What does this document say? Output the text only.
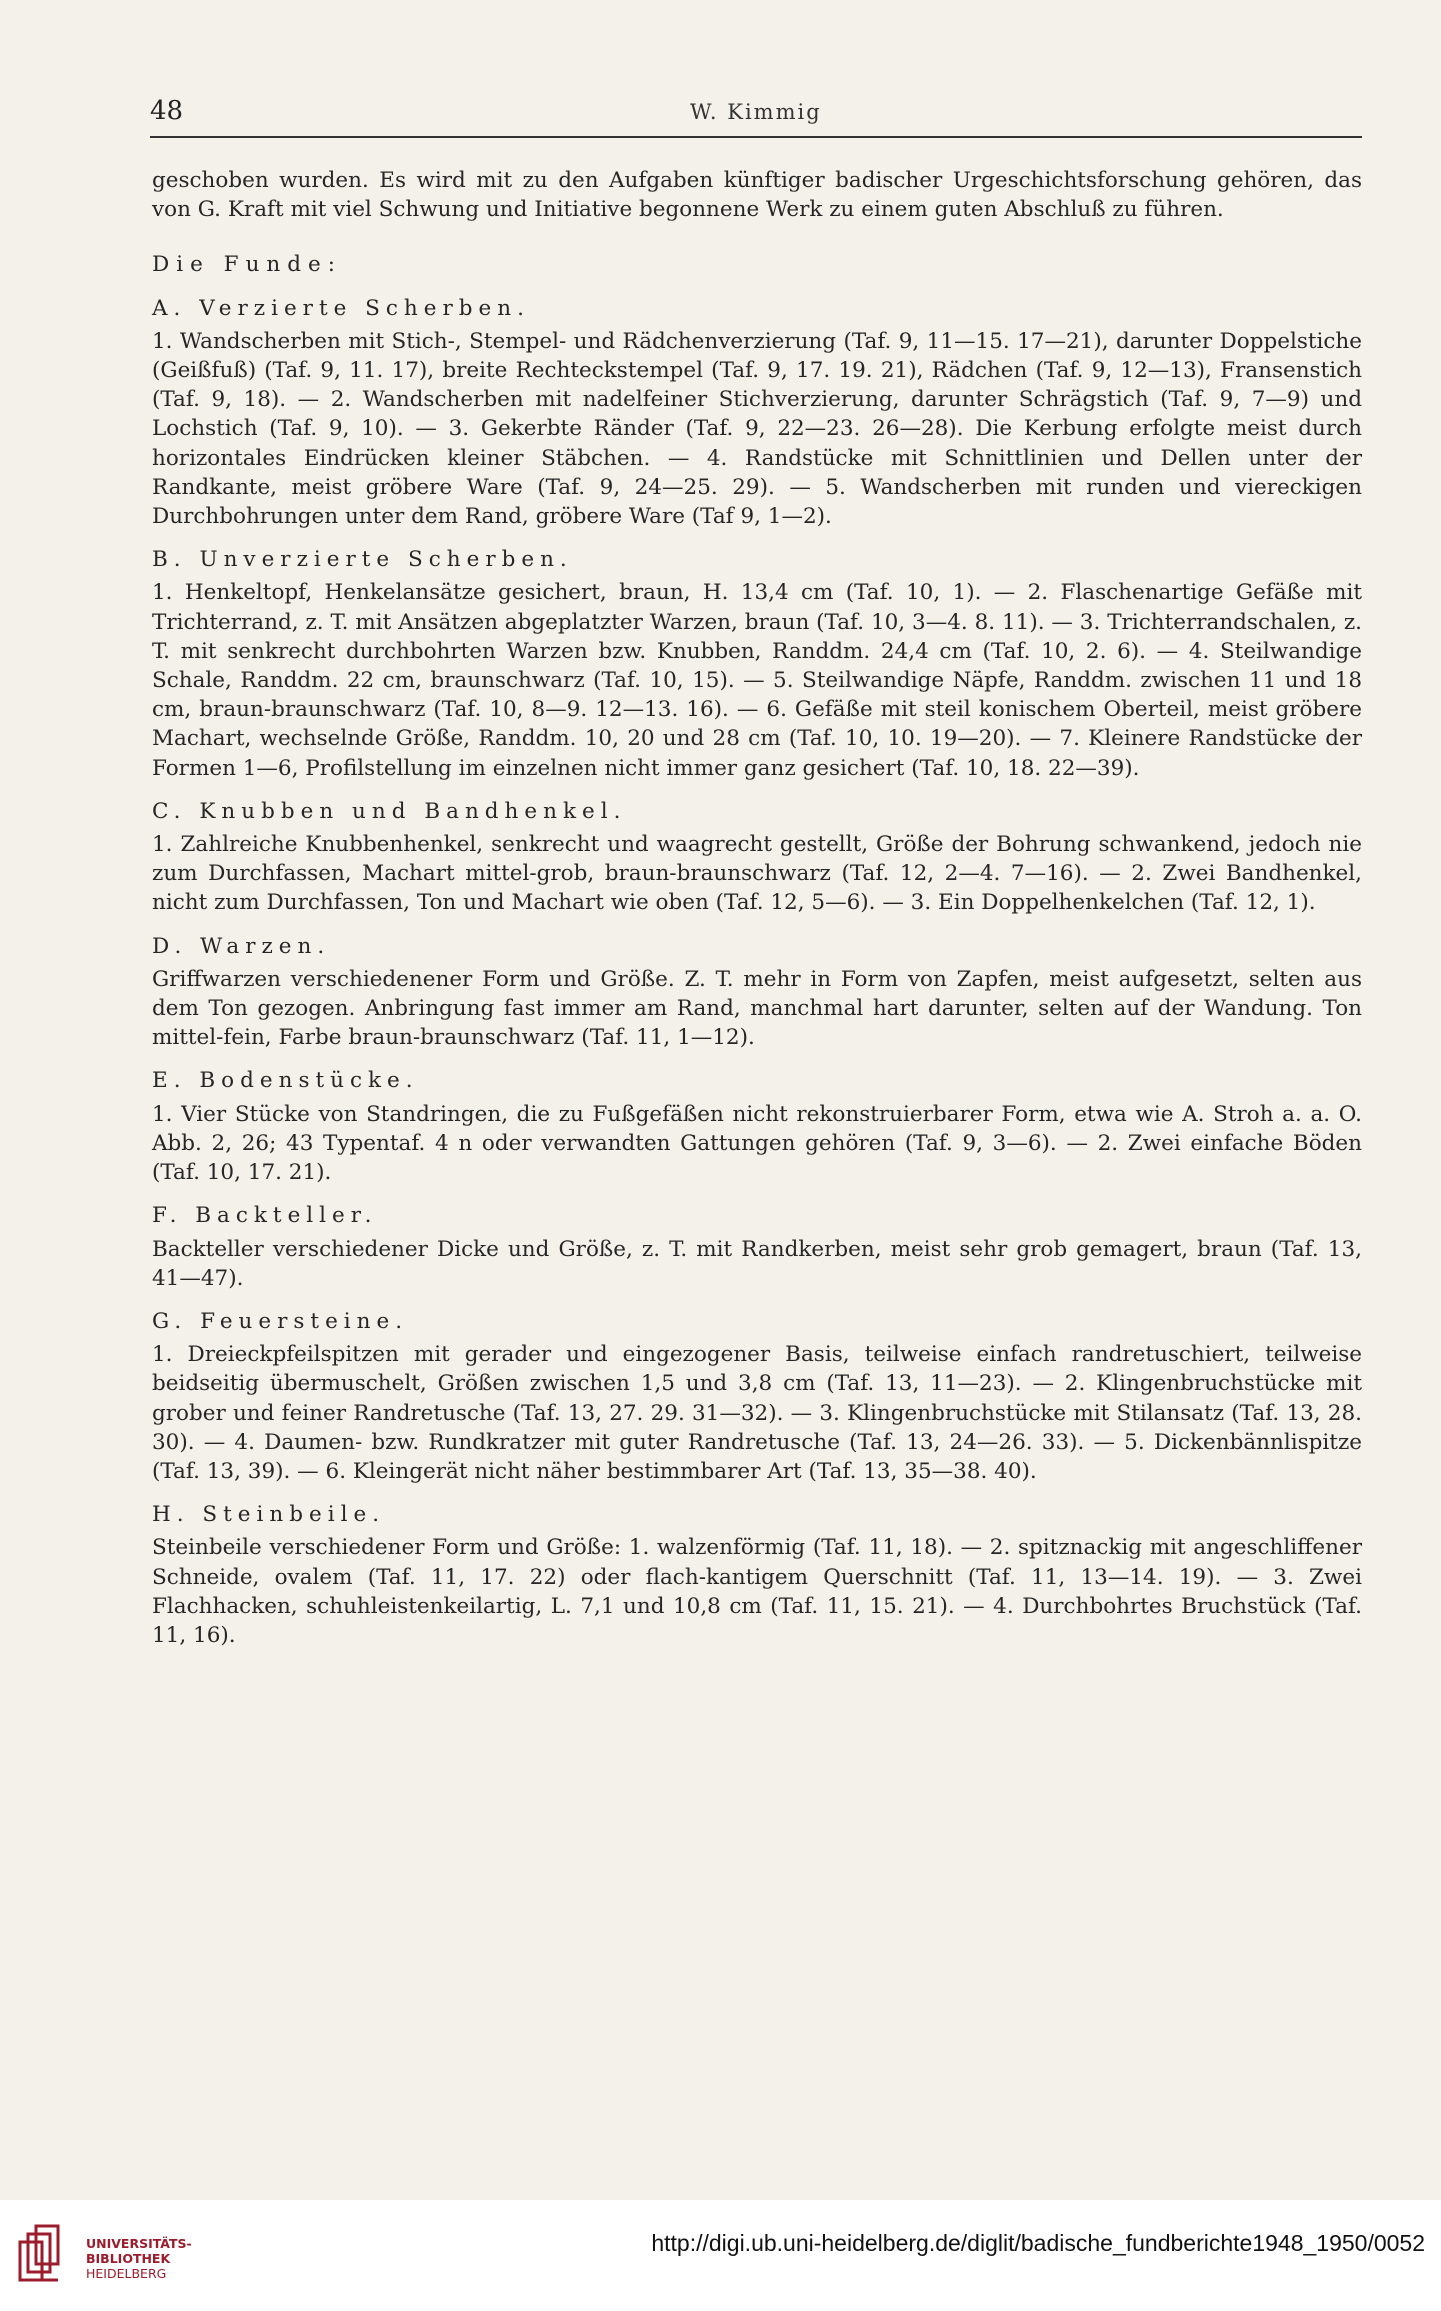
48	W. Kimmig

geschoben wurden. Es wird mit zu den Aufgaben künftiger badischer Urgeschichtsforschung gehören, das von G. Kraft mit viel Schwung und Initiative begonnene Werk zu einem guten Abschluß zu führen.

Die Funde:

A. Verzierte Scherben.

1. Wandscherben mit Stich-, Stempel- und Rädchenverzierung (Taf. 9, 11—15. 17—21), darunter Doppelstiche (Geißfuß) (Taf. 9, 11. 17), breite Rechteckstempel (Taf. 9, 17. 19. 21), Rädchen (Taf. 9, 12—13), Fransenstich (Taf. 9, 18). — 2. Wandscherben mit nadelfeiner Stichverzierung, darunter Schrägstich (Taf. 9, 7—9) und Lochstich (Taf. 9, 10). — 3. Gekerbte Ränder (Taf. 9, 22—23. 26—28). Die Kerbung erfolgte meist durch horizontales Eindrücken kleiner Stäbchen. — 4. Randstücke mit Schnittlinien und Dellen unter der Randkante, meist gröbere Ware (Taf. 9, 24—25. 29). — 5. Wandscherben mit runden und viereckigen Durchbohrungen unter dem Rand, gröbere Ware (Taf 9, 1—2).

B. Unverzierte Scherben.

1. Henkeltopf, Henkelansätze gesichert, braun, H. 13,4 cm (Taf. 10, 1). — 2. Flaschenartige Gefäße mit Trichterrand, z. T. mit Ansätzen abgeplatzter Warzen, braun (Taf. 10, 3—4. 8. 11). — 3. Trichterrandschalen, z. T. mit senkrecht durchbohrten Warzen bzw. Knubben, Randdm. 24,4 cm (Taf. 10, 2. 6). — 4. Steilwandige Schale, Randdm. 22 cm, braunschwarz (Taf. 10, 15). — 5. Steilwandige Näpfe, Randdm. zwischen 11 und 18 cm, braun-braunschwarz (Taf. 10, 8—9. 12—13. 16). — 6. Gefäße mit steil konischem Oberteil, meist gröbere Machart, wechselnde Größe, Randdm. 10, 20 und 28 cm (Taf. 10, 10. 19—20). — 7. Kleinere Randstücke der Formen 1—6, Profilstellung im einzelnen nicht immer ganz gesichert (Taf. 10, 18. 22—39).

C. Knubben und Bandhenkel.

1. Zahlreiche Knubbenhenkel, senkrecht und waagrecht gestellt, Größe der Bohrung schwankend, jedoch nie zum Durchfassen, Machart mittel-grob, braun-braunschwarz (Taf. 12, 2—4. 7—16). — 2. Zwei Bandhenkel, nicht zum Durchfassen, Ton und Machart wie oben (Taf. 12, 5—6). — 3. Ein Doppelhenkelchen (Taf. 12, 1).

D. Warzen.

Griffwarzen verschiedenener Form und Größe. Z. T. mehr in Form von Zapfen, meist aufgesetzt, selten aus dem Ton gezogen. Anbringung fast immer am Rand, manchmal hart darunter, selten auf der Wandung. Ton mittel-fein, Farbe braun-braunschwarz (Taf. 11, 1—12).

E. Bodenstücke.

1. Vier Stücke von Standringen, die zu Fußgefäßen nicht rekonstruierbarer Form, etwa wie A. Stroh a. a. O. Abb. 2, 26; 43 Typentaf. 4 n oder verwandten Gattungen gehören (Taf. 9, 3—6). — 2. Zwei einfache Böden (Taf. 10, 17. 21).

F. Backteller.

Backteller verschiedener Dicke und Größe, z. T. mit Randkerben, meist sehr grob gemagert, braun (Taf. 13, 41—47).

G. Feuersteine.

1. Dreieckpfeilspitzen mit gerader und eingezogener Basis, teilweise einfach randretuschiert, teilweise beidseitig übermuschelt, Größen zwischen 1,5 und 3,8 cm (Taf. 13, 11—23). — 2. Klingenbruchstücke mit grober und feiner Randretusche (Taf. 13, 27. 29. 31—32). — 3. Klingenbruchstücke mit Stilansatz (Taf. 13, 28. 30). — 4. Daumen- bzw. Rundkratzer mit guter Randretusche (Taf. 13, 24—26. 33). — 5. Dickenbännlispitze (Taf. 13, 39). — 6. Kleingerät nicht näher bestimmbarer Art (Taf. 13, 35—38. 40).

H. Steinbeile.

Steinbeile verschiedener Form und Größe: 1. walzenförmig (Taf. 11, 18). — 2. spitznackig mit angeschliffener Schneide, ovalem (Taf. 11, 17. 22) oder flach-kantigem Querschnitt (Taf. 11, 13—14. 19). — 3. Zwei Flachhacken, schuhleistenkeilartig, L. 7,1 und 10,8 cm (Taf. 11, 15. 21). — 4. Durchbohrtes Bruchstück (Taf. 11, 16).

UNIVERSITÄTS-
BIBLIOTHEK
HEIDELBERG
http://digi.ub.uni-heidelberg.de/diglit/badische_fundberichte1948_1950/0052
